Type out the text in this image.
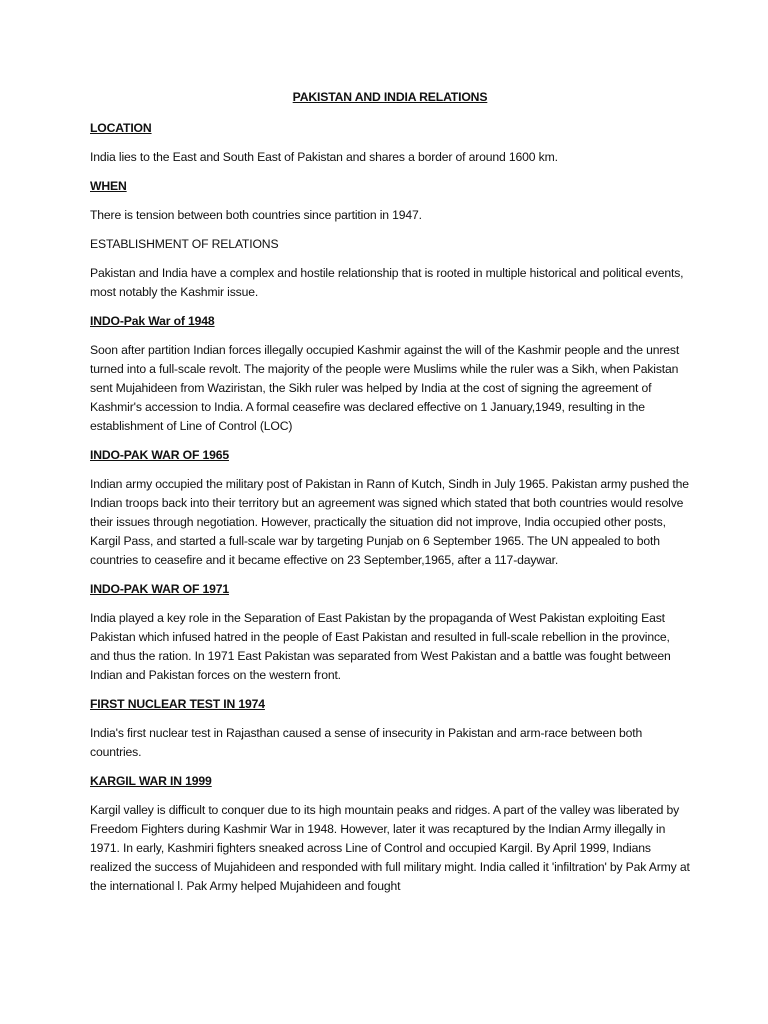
PAKISTAN AND INDIA RELATIONS
LOCATION
India lies to the East and South East of Pakistan and shares a border of around 1600 km.
WHEN
There is tension between both countries since partition in 1947.
ESTABLISHMENT OF RELATIONS
Pakistan and India have a complex and hostile relationship that is rooted in multiple historical and political events, most notably the Kashmir issue.
INDO-Pak War of 1948
Soon after partition Indian forces illegally occupied Kashmir against the will of the Kashmir people and the unrest turned into a full-scale revolt. The majority of the people were Muslims while the ruler was a Sikh, when Pakistan sent Mujahideen from Waziristan, the Sikh ruler was helped by India at the cost of signing the agreement of Kashmir's accession to India. A formal ceasefire was declared effective on 1 January,1949, resulting in the establishment of Line of Control (LOC)
INDO-PAK WAR OF 1965
Indian army occupied the military post of Pakistan in Rann of Kutch, Sindh in July 1965. Pakistan army pushed the Indian troops back into their territory but an agreement was signed which stated that both countries would resolve their issues through negotiation. However, practically the situation did not improve, India occupied other posts, Kargil Pass, and started a full-scale war by targeting Punjab on 6 September 1965. The UN appealed to both countries to ceasefire and it became effective on 23 September,1965, after a 117-daywar.
INDO-PAK WAR OF 1971
India played a key role in the Separation of East Pakistan by the propaganda of West Pakistan exploiting East Pakistan which infused hatred in the people of East Pakistan and resulted in full-scale rebellion in the province, and thus the ration. In 1971 East Pakistan was separated from West Pakistan and a battle was fought between Indian and Pakistan forces on the western front.
FIRST NUCLEAR TEST IN 1974
India's first nuclear test in Rajasthan caused a sense of insecurity in Pakistan and arm-race between both countries.
KARGIL WAR IN 1999
Kargil valley is difficult to conquer due to its high mountain peaks and ridges. A part of the valley was liberated by Freedom Fighters during Kashmir War in 1948. However, later it was recaptured by the Indian Army illegally in 1971. In early, Kashmiri fighters sneaked across Line of Control and occupied Kargil. By April 1999, Indians realized the success of Mujahideen and responded with full military might. India called it 'infiltration' by Pak Army at the international l. Pak Army helped Mujahideen and fought
